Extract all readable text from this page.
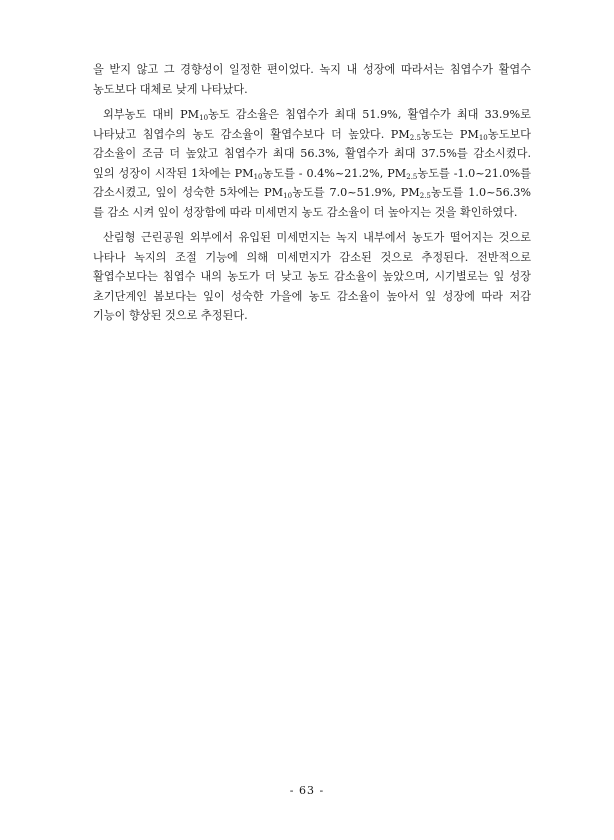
을 받지 않고 그 경향성이 일정한 편이었다. 녹지 내 성장에 따라서는 침엽수가 활엽수 농도보다 대체로 낮게 나타났다.

외부농도 대비 $PM_{10}$농도 감소율은 침엽수가 최대 51.9%, 활엽수가 최대 33.9%로 나타났고 침엽수의 농도 감소율이 활엽수보다 더 높았다. $PM_{2.5}$농도는 $PM_{10}$농도보다 감소율이 조금 더 높았고 침엽수가 최대 56.3%, 활엽수가 최대 37.5%를 감소시켰다. 잎의 성장이 시작된 1차에는 $PM_{10}$농도를 - 0.4%~21.2%, $PM_{2.5}$농도를 -1.0~21.0%를 감소시켰고, 잎이 성숙한 5차에는 $PM_{10}$농도를 7.0~51.9%, $PM_{2.5}$농도를 1.0~56.3%를 감소 시켜 잎이 성장함에 따라 미세먼지 농도 감소율이 더 높아지는 것을 확인하였다.

산림형 근린공원 외부에서 유입된 미세먼지는 녹지 내부에서 농도가 떨어지는 것으로 나타나 녹지의 조절 기능에 의해 미세먼지가 감소된 것으로 추정된다. 전반적으로 활엽수보다는 침엽수 내의 농도가 더 낮고 농도 감소율이 높았으며, 시기별로는 잎 성장 초기단계인 봄보다는 잎이 성숙한 가을에 농도 감소율이 높아서 잎 성장에 따라 저감 기능이 향상된 것으로 추정된다.

- 63 -
